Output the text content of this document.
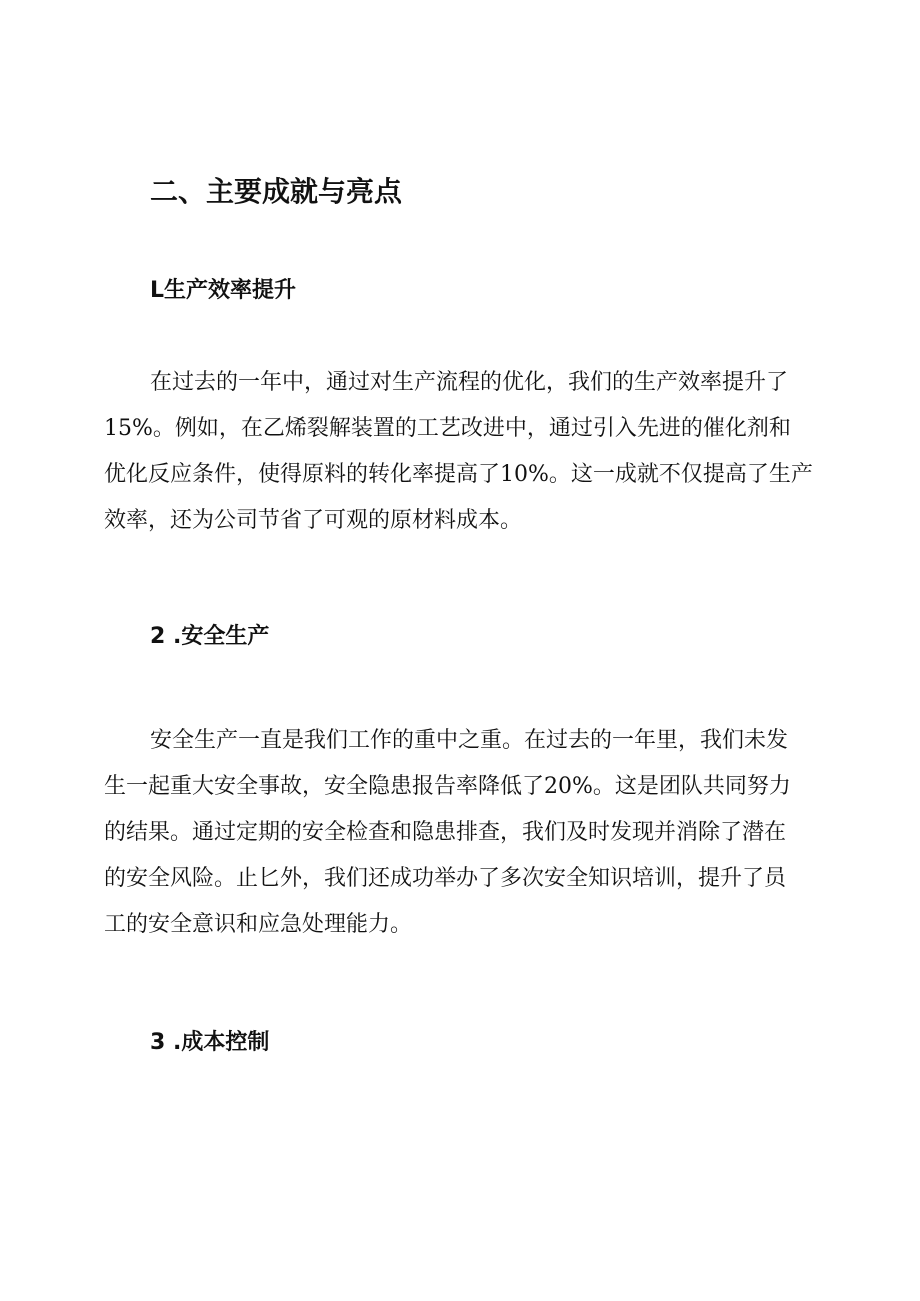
二、主要成就与亮点
L生产效率提升
在过去的一年中，通过对生产流程的优化，我们的生产效率提升了
15%。例如，在乙烯裂解装置的工艺改进中，通过引入先进的催化剂和
优化反应条件，使得原料的转化率提高了10%。这一成就不仅提高了生产
效率，还为公司节省了可观的原材料成本。
2 .安全生产
安全生产一直是我们工作的重中之重。在过去的一年里，我们未发
生一起重大安全事故，安全隐患报告率降低了20%。这是团队共同努力
的结果。通过定期的安全检查和隐患排查，我们及时发现并消除了潜在
的安全风险。止匕外，我们还成功举办了多次安全知识培训，提升了员
工的安全意识和应急处理能力。
3 .成本控制
